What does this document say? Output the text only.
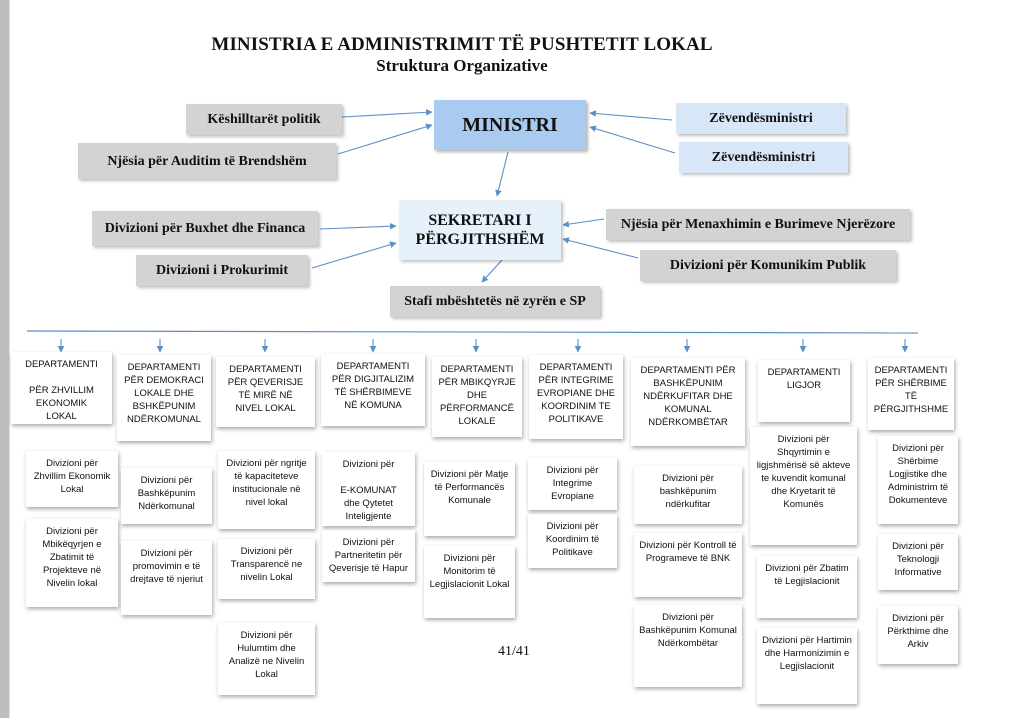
MINISTRIA E ADMINISTRIMIT TË PUSHTETIT LOKAL
Struktura Organizative
Këshilltarët politik
Njësia për Auditim të Brendshëm
MINISTRI	Zëvendësministri
Zëvendësministri
Divizioni për Buxhet dhe Financa
Divizioni i Prokurimit
SEKRETARI I
PËRGJITHSHËM
Njësia për Menaxhimin e Burimeve Njerëzore
Divizioni për Komunikim Publik
Stafi mbështetës në zyrën e SP
DEPARTAMENTI

PËR ZHVILLIM
EKONOMIK
LOKAL
DEPARTAMENTI
PËR DEMOKRACI
LOKALE DHE
BSHKËPUNIM
NDËRKOMUNAL
DEPARTAMENTI
PËR QEVERISJE
TË MIRË NË
NIVEL LOKAL
DEPARTAMENTI
PËR DIGJITALIZIM
TË SHËRBIMEVE
NË KOMUNA
DEPARTAMENTI
PËR MBIKQYRJE
DHE
PËRFORMANCË
LOKALE
DEPARTAMENTI
PËR INTEGRIME
EVROPIANE DHE
KOORDINIM TE
POLITIKAVE
DEPARTAMENTI PËR
BASHKËPUNIM
NDËRKUFITAR DHE
KOMUNAL
NDËRKOMBËTAR
DEPARTAMENTI
LIGJOR
DEPARTAMENTI
PËR SHËRBIME
TË
PËRGJITHSHME
Divizioni për Zhvillim Ekonomik Lokal
Divizioni për Mbikëqyrjen e Zbatimit të Projekteve në Nivelin lokal
Divizioni për Bashkëpunim Ndërkomunal
Divizioni për promovimin e të drejtave të njeriut
Divizioni për ngritje të kapaciteteve institucionale në nivel lokal
Divizioni për Transparencë ne nivelin Lokal
Divizioni për Hulumtim dhe Analizë ne Nivelin Lokal
Divizioni për

E-KOMUNAT
dhe Qytetet
Inteligjente
Divizioni për Partneritetin për Qeverisje të Hapur
Divizioni për Matje të Performancës Komunale
Divizioni për Monitorim të Legjislacionit Lokal
Divizioni për Integrime Evropiane
Divizioni për Koordinim të Politikave
Divizioni për bashkëpunim ndërkufitar
Divizioni për Kontroll të Programeve të BNK
Divizioni për Bashkëpunim Komunal Ndërkombëtar
Divizioni për Shqyrtimin e ligjshmërisë së akteve te kuvendit komunal dhe Kryetarit të Komunës
Divizioni për Zbatim të Legjislacionit
Divizioni për Hartimin dhe Harmonizimin e Legjislacionit
Divizioni për Shërbime Logjistike dhe Administrim të Dokumenteve
Divizioni për Teknologji Informative
Divizioni për Përkthime dhe Arkiv
41/41
